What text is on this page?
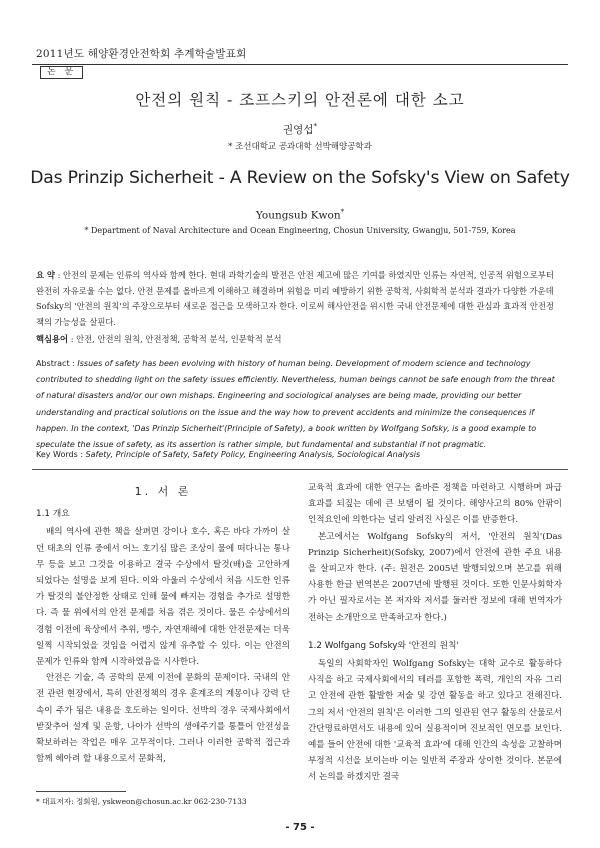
2011년도 해양환경안전학회 추계학술발표회
논 문
안전의 원칙 - 조프스키의 안전론에 대한 소고
권영섭*
* 조선대학교 공과대학 선박해양공학과
Das Prinzip Sicherheit - A Review on the Sofsky's View on Safety
Youngsub Kwon*
* Department of Naval Architecture and Ocean Engineering, Chosun University, Gwangju, 501-759, Korea
요 약 : 안전의 문제는 인류의 역사와 함께 한다. 현대 과학기술의 발전은 안전 제고에 많은 기여를 하였지만 인류는 자연적, 인공적 위험으로부터 완전히 자유로울 수는 없다. 안전 문제를 올바르게 이해하고 해결하며 위험을 미리 예방하기 위한 공학적, 사회학적 분석과 결과가 다양한 가운데 Sofsky의 '안전의 원칙'의 주장으로부터 새로운 접근을 모색하고자 한다. 이로써 해사안전을 위시한 국내 안전문제에 대한 관심과 효과적 안전정책의 가능성을 살핀다.
핵심용어 : 안전, 안전의 원칙, 안전정책, 공학적 분석, 인문학적 분석
Abstract : Issues of safety has been evolving with history of human being. Development of modern science and technology contributed to shedding light on the safety issues efficiently. Nevertheless, human beings cannot be safe enough from the threat of natural disasters and/or our own mishaps. Engineering and sociological analyses are being made, providing our better understanding and practical solutions on the issue and the way how to prevent accidents and minimize the consequences if happen. In the context, 'Das Prinzip Sicherheit'(Principle of Safety), a book written by Wolfgang Sofsky, is a good example to speculate the issue of safety, as its assertion is rather simple, but fundamental and substantial if not pragmatic.
Key Words : Safety, Principle of Safety, Safety Policy, Engineering Analysis, Sociological Analysis
1. 서 론
1.1 개요

배의 역사에 관한 책을 살펴면 강이나 호수, 혹은 바다 가까이 살던 태초의 인류 중에서 어느 호기심 많은 조상이 물에 떠다니는 통나무 등을 보고 그것을 이용하고 결국 수상에서 탈것(배)을 고안하게 되었다는 설명을 보게 된다. 이와 아울러 수상에서 처음 시도한 인류가 탈것의 불안정한 상태로 인해 물에 빠지는 경험을 추가로 설명한다. 즉 물 위에서의 안전 문제를 처음 겪은 것이다. 물은 수상에서의 경험 이전에 육상에서 추위, 맹수, 자연재해에 대한 안전문제는 더욱 일찍 시작되었을 것임을 어렵지 않게 유추할 수 있다. 이는 안전의 문제가 인류와 함께 시작하였음을 시사한다.

안전은 기술, 즉 공학의 문제 이전에 문화의 문제이다. 국내의 안전 관련 현장에서, 특히 안전정책의 경우 훈계조의 계몽이나 강력 단속이 주가 됨은 내용을 호도하는 일이다. 선박의 경우 국제사회에서 받잦추어 설계 및 운항, 나아가 선박의 생애주기를 통틀어 안전성을 확보하려는 작업은 매우 고무적이다. 그러나 이러한 공학적 접근과 함께 헤아려 할 내용으로서 문화적,

교육적 효과에 대한 연구는 올바른 정책을 마련하고 시행하며 파급효과를 되짚는 데에 큰 보탬이 될 것이다. 해양사고의 80% 안팎이 인적요인에 의한다는 널리 알려진 사실은 이를 반증한다.

본고에서는 Wolfgang Sofsky의 저서, '안전의 원칙'(Das Prinzip Sicherheit)(Sofsky, 2007)에서 안전에 관한 주요 내용을 살피고자 한다. (주: 원전은 2005년 발행되었으며 본고를 위해 사용한 한글 번역본은 2007년에 발행된 것이다. 또한 인문사회학자가 아닌 필자로서는 본 저자와 저서를 둘러싼 정보에 대해 번역자가 전하는 소개만으로 만족하고자 한다.)

1.2 Wolfgang Sofsky와 '안전의 원칙'

독일의 사회학자인 Wolfgang Sofsky는 대학 교수로 활동하다 사직을 하고 국제사회에서의 테러를 포함한 폭력, 개인의 자유 그리고 안전에 관한 활발한 저술 및 강연 활동을 하고 있다고 전해진다. 그의 저서 '안전의 원칙'은 이러한 그의 일관된 연구 활동의 산물로서 간단명료하면서도 내용에 있어 실용적이며 진보적인 면모를 보인다. 예를 들어 안전에 대한 '교육적 효과'에 대해 인간의 속성을 고찰하며 부정적 시선을 보이는바 이는 일반적 주장과 상이한 것이다. 본문에서 논의를 하겠지만 결국

* 대표저자: 정회원, yskweon@chosun.ac.kr 062-230-7133
- 75 -
